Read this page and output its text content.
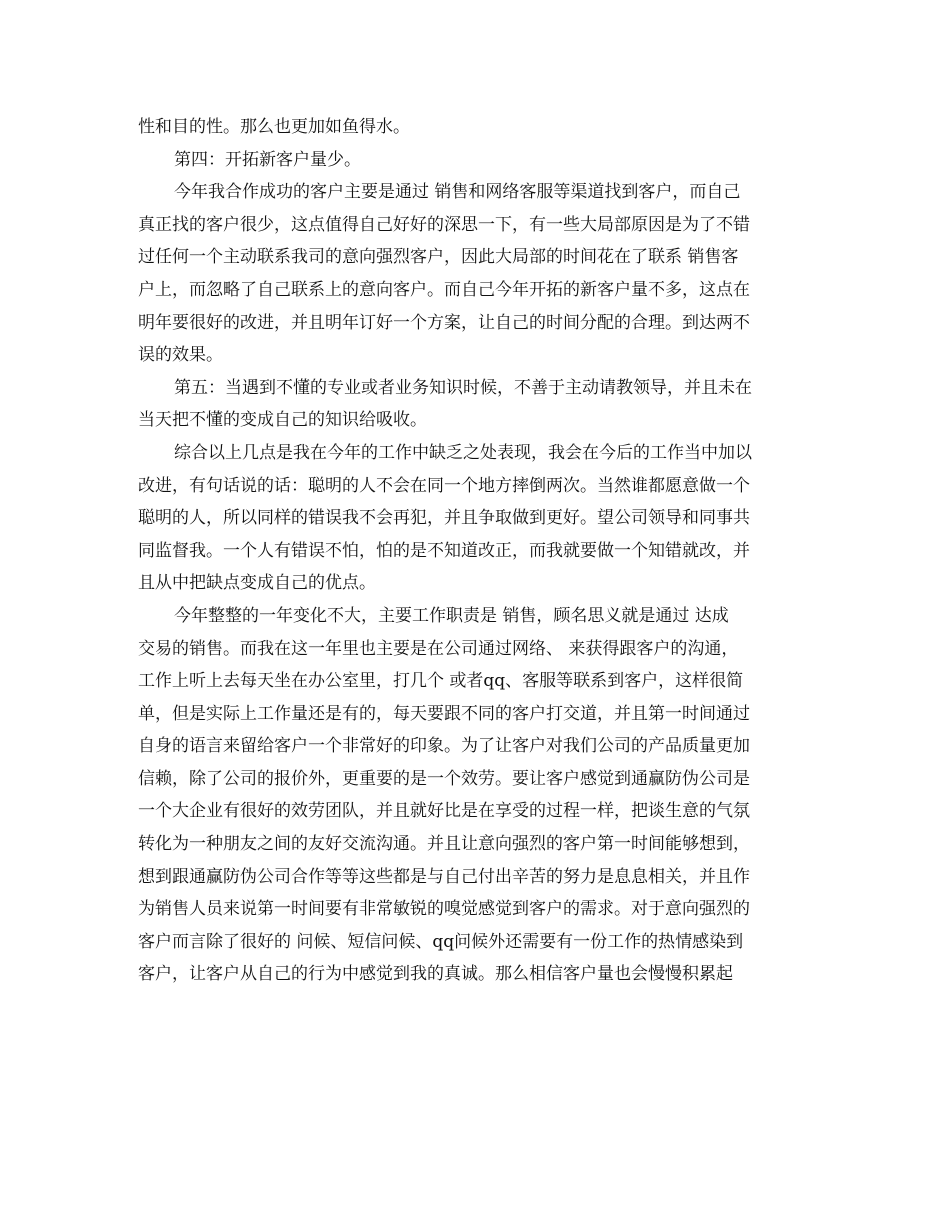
性和目的性。那么也更加如鱼得水。
第四：开拓新客户量少。
今年我合作成功的客户主要是通过 销售和网络客服等渠道找到客户，而自己
真正找的客户很少，这点值得自己好好的深思一下，有一些大局部原因是为了不错
过任何一个主动联系我司的意向强烈客户，因此大局部的时间花在了联系 销售客
户上，而忽略了自己联系上的意向客户。而自己今年开拓的新客户量不多，这点在
明年要很好的改进，并且明年订好一个方案，让自己的时间分配的合理。到达两不
误的效果。
第五：当遇到不懂的专业或者业务知识时候，不善于主动请教领导，并且未在
当天把不懂的变成自己的知识给吸收。
综合以上几点是我在今年的工作中缺乏之处表现，我会在今后的工作当中加以
改进，有句话说的话：聪明的人不会在同一个地方摔倒两次。当然谁都愿意做一个
聪明的人，所以同样的错误我不会再犯，并且争取做到更好。望公司领导和同事共
同监督我。一个人有错误不怕，怕的是不知道改正，而我就要做一个知错就改，并
且从中把缺点变成自己的优点。
今年整整的一年变化不大，主要工作职责是 销售，顾名思义就是通过 达成
交易的销售。而我在这一年里也主要是在公司通过网络、 来获得跟客户的沟通，
工作上听上去每天坐在办公室里，打几个 或者qq、客服等联系到客户，这样很简
单，但是实际上工作量还是有的，每天要跟不同的客户打交道，并且第一时间通过
自身的语言来留给客户一个非常好的印象。为了让客户对我们公司的产品质量更加
信赖，除了公司的报价外，更重要的是一个效劳。要让客户感觉到通赢防伪公司是
一个大企业有很好的效劳团队，并且就好比是在享受的过程一样，把谈生意的气氛
转化为一种朋友之间的友好交流沟通。并且让意向强烈的客户第一时间能够想到，
想到跟通赢防伪公司合作等等这些都是与自己付出辛苦的努力是息息相关，并且作
为销售人员来说第一时间要有非常敏锐的嗅觉感觉到客户的需求。对于意向强烈的
客户而言除了很好的 问候、短信问候、qq问候外还需要有一份工作的热情感染到
客户，让客户从自己的行为中感觉到我的真诚。那么相信客户量也会慢慢积累起
